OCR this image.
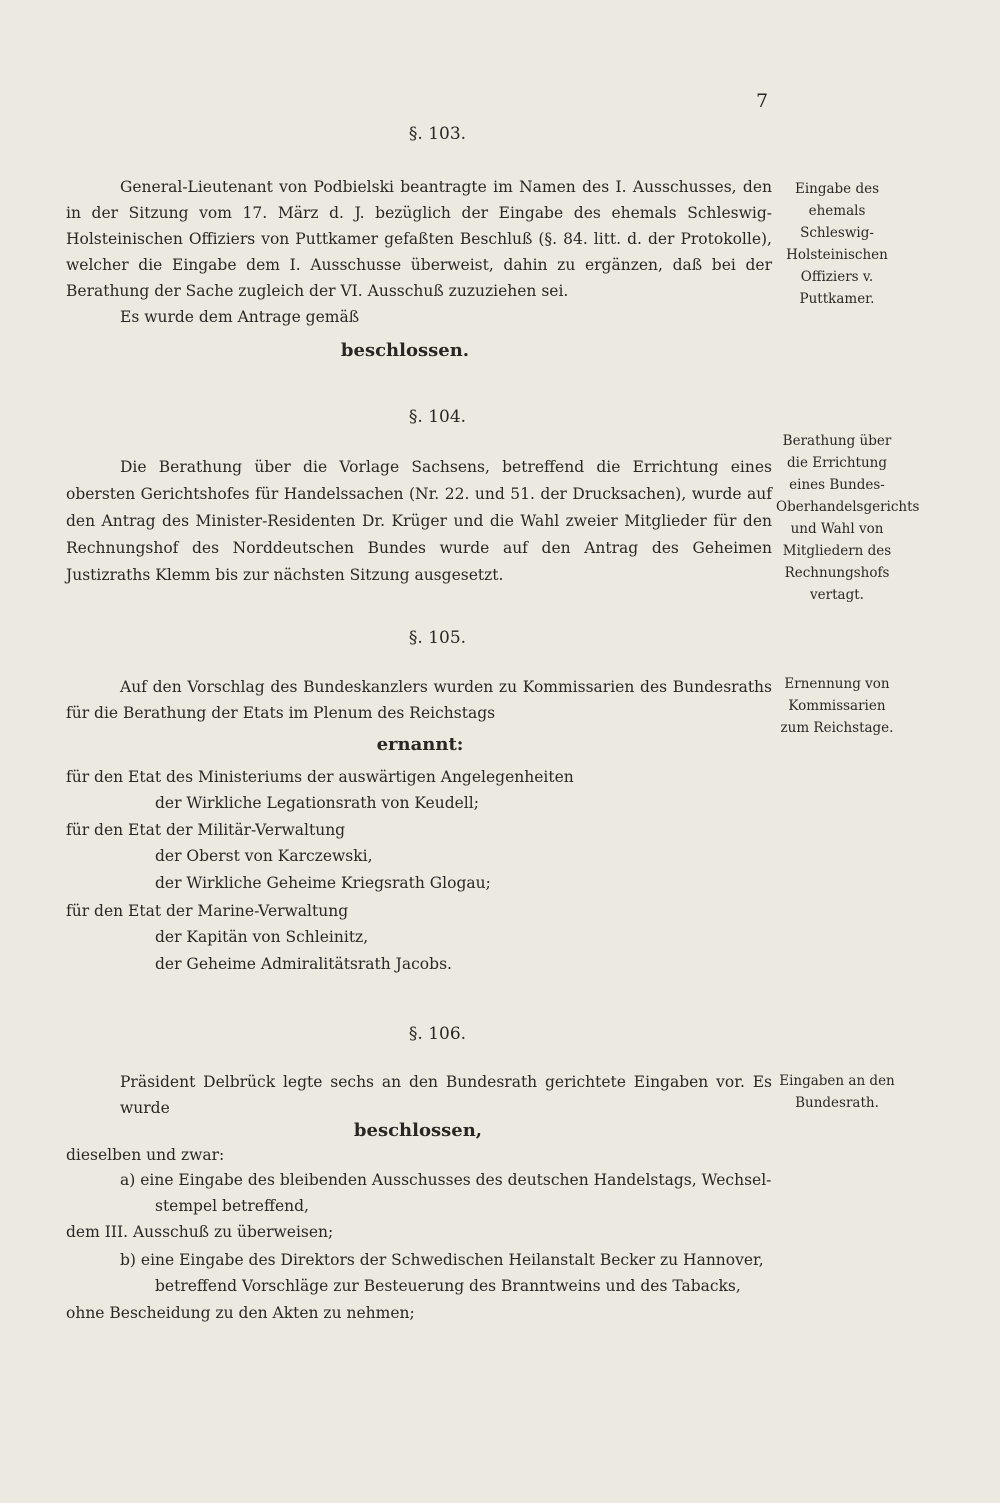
7
§. 103.
General-Lieutenant von Podbielski beantragte im Namen des I. Ausschusses, den in der Sitzung vom 17. März d. J. bezüglich der Eingabe des ehemals Schleswig-Holsteinischen Offiziers von Puttkamer gefaßten Beschluß (§. 84. litt. d. der Protokolle), welcher die Eingabe dem I. Ausschusse überweist, dahin zu ergänzen, daß bei der Berathung der Sache zugleich der VI. Ausschuß zuzuziehen sei.
Es wurde dem Antrage gemäß
beschlossen.
Eingabe des ehemals Schleswig-Holsteinischen Offiziers v. Puttkamer.
§. 104.
Die Berathung über die Vorlage Sachsens, betreffend die Errichtung eines obersten Gerichtshofes für Handelssachen (Nr. 22. und 51. der Drucksachen), wurde auf den Antrag des Minister-Residenten Dr. Krüger und die Wahl zweier Mitglieder für den Rechnungshof des Norddeutschen Bundes wurde auf den Antrag des Geheimen Justizraths Klemm bis zur nächsten Sitzung ausgesetzt.
Berathung über die Errichtung eines Bundes-Oberhandelsgerichts und Wahl von Mitgliedern des Rechnungshofs vertagt.
§. 105.
Auf den Vorschlag des Bundeskanzlers wurden zu Kommissarien des Bundesraths für die Berathung der Etats im Plenum des Reichstags
ernannt:
für den Etat des Ministeriums der auswärtigen Angelegenheiten
der Wirkliche Legationsrath von Keudell;
für den Etat der Militär-Verwaltung
der Oberst von Karczewski,
der Wirkliche Geheime Kriegsrath Glogau;
für den Etat der Marine-Verwaltung
der Kapitän von Schleinitz,
der Geheime Admiralitätsrath Jacobs.
Ernennung von Kommissarien zum Reichstage.
§. 106.
Präsident Delbrück legte sechs an den Bundesrath gerichtete Eingaben vor. Es wurde
beschlossen,
dieselben und zwar:
a) eine Eingabe des bleibenden Ausschusses des deutschen Handelstags, Wechsel-
stempel betreffend,
dem III. Ausschuß zu überweisen;
b) eine Eingabe des Direktors der Schwedischen Heilanstalt Becker zu Hannover,
betreffend Vorschläge zur Besteuerung des Branntweins und des Tabacks,
ohne Bescheidung zu den Akten zu nehmen;
Eingaben an den Bundesrath.
